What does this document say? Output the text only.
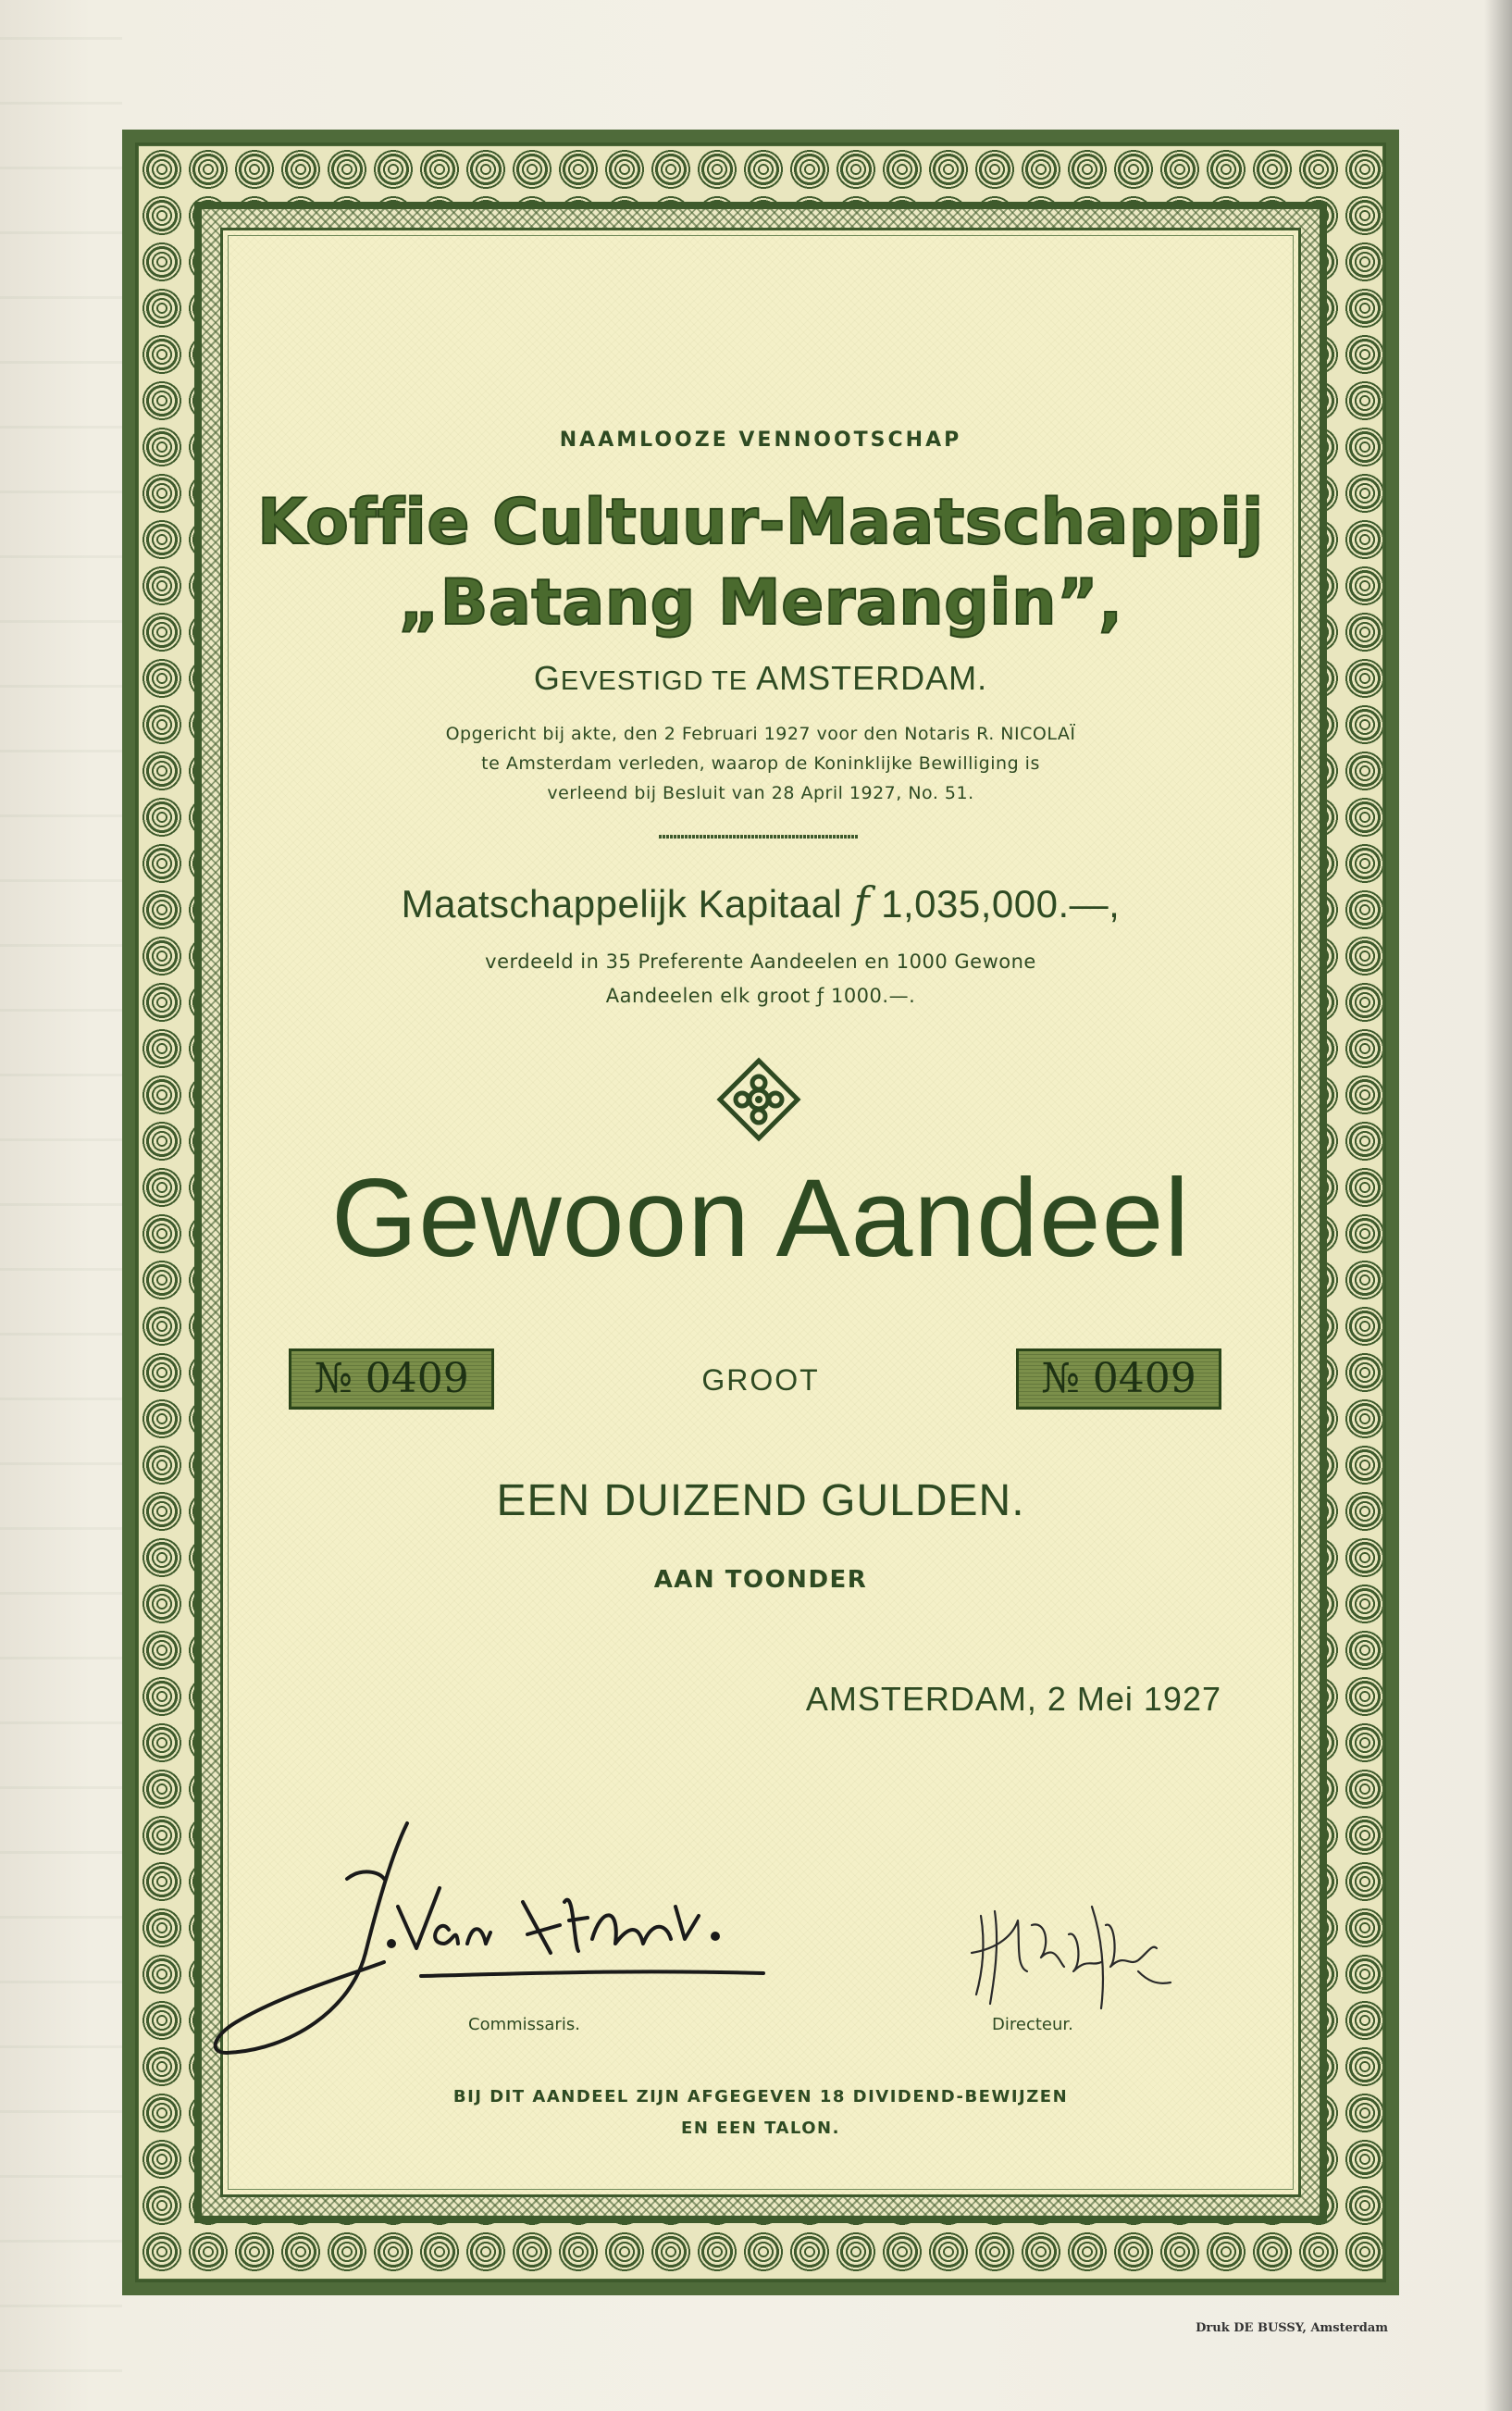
NAAMLOOZE VENNOOTSCHAP
Koffie Cultuur-Maatschappij
„Batang Merangin”,
GEVESTIGD TE AMSTERDAM.
Opgericht bij akte, den 2 Februari 1927 voor den Notaris R. NICOLAÏ
te Amsterdam verleden, waarop de Koninklijke Bewilliging is
verleend bij Besluit van 28 April 1927, No. 51.
Maatschappelijk Kapitaal f 1,035,000.—,
verdeeld in 35 Preferente Aandeelen en 1000 Gewone
Aandeelen elk groot ƒ 1000.—.
Gewoon Aandeel
№ 0409	GROOT	№ 0409
EEN DUIZEND GULDEN.
AAN TOONDER
AMSTERDAM, 2 Mei 1927
Commissaris.	Directeur.
BIJ DIT AANDEEL ZIJN AFGEGEVEN 18 DIVIDEND-BEWIJZEN
EN EEN TALON.
Druk DE BUSSY, Amsterdam
